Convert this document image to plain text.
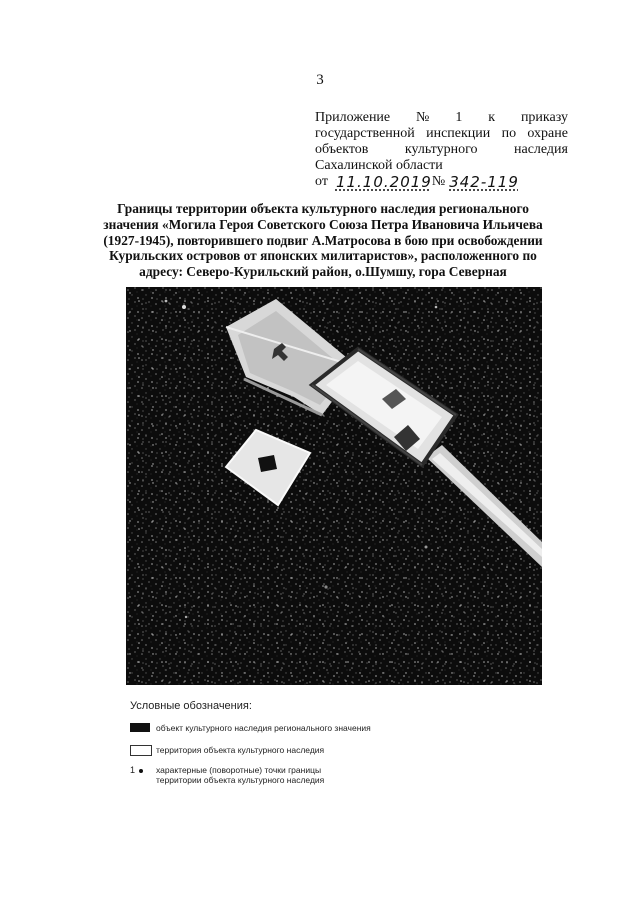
3
Приложение № 1 к приказу
государственной инспекции по охране
объектов	культурного	наследия
Сахалинской области
от 11.10.2019 № 342-119
Границы территории объекта культурного наследия регионального
значения «Могила Героя Советского Союза Петра Ивановича Ильичева
(1927-1945), повторившего подвиг А.Матросова в бою при освобождении
Курильских островов от японских милитаристов», расположенного по
адресу: Северо-Курильский район, о.Шумшу, гора Северная
Условные обозначения:
объект культурного наследия регионального значения
территория объекта культурного наследия
1	характерные (поворотные) точки границы
территории объекта культурного наследия
